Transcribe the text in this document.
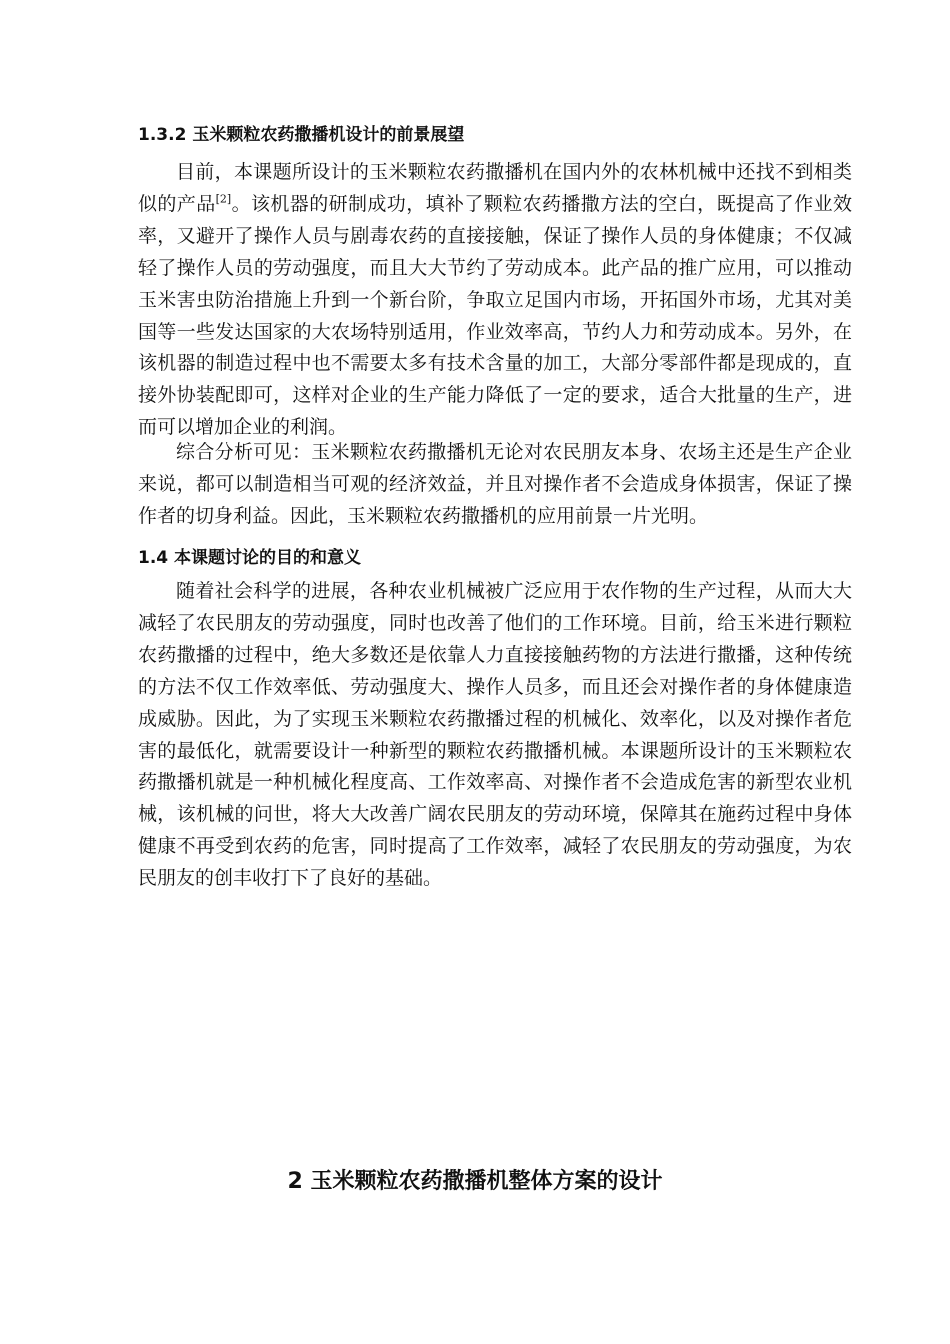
1.3.2 玉米颗粒农药撒播机设计的前景展望

目前，本课题所设计的玉米颗粒农药撒播机在国内外的农林机械中还找不到相类似的产品[2]。该机器的研制成功，填补了颗粒农药播撒方法的空白，既提高了作业效率，又避开了操作人员与剧毒农药的直接接触，保证了操作人员的身体健康；不仅减轻了操作人员的劳动强度，而且大大节约了劳动成本。此产品的推广应用，可以推动玉米害虫防治措施上升到一个新台阶，争取立足国内市场，开拓国外市场，尤其对美国等一些发达国家的大农场特别适用，作业效率高，节约人力和劳动成本。另外，在该机器的制造过程中也不需要太多有技术含量的加工，大部分零部件都是现成的，直接外协装配即可，这样对企业的生产能力降低了一定的要求，适合大批量的生产，进而可以增加企业的利润。

综合分析可见：玉米颗粒农药撒播机无论对农民朋友本身、农场主还是生产企业来说，都可以制造相当可观的经济效益，并且对操作者不会造成身体损害，保证了操作者的切身利益。因此，玉米颗粒农药撒播机的应用前景一片光明。

1.4 本课题讨论的目的和意义

随着社会科学的进展，各种农业机械被广泛应用于农作物的生产过程，从而大大减轻了农民朋友的劳动强度，同时也改善了他们的工作环境。目前，给玉米进行颗粒农药撒播的过程中，绝大多数还是依靠人力直接接触药物的方法进行撒播，这种传统的方法不仅工作效率低、劳动强度大、操作人员多，而且还会对操作者的身体健康造成威胁。因此，为了实现玉米颗粒农药撒播过程的机械化、效率化，以及对操作者危害的最低化，就需要设计一种新型的颗粒农药撒播机械。本课题所设计的玉米颗粒农药撒播机就是一种机械化程度高、工作效率高、对操作者不会造成危害的新型农业机械，该机械的问世，将大大改善广阔农民朋友的劳动环境，保障其在施药过程中身体健康不再受到农药的危害，同时提高了工作效率，减轻了农民朋友的劳动强度，为农民朋友的创丰收打下了良好的基础。

2 玉米颗粒农药撒播机整体方案的设计
